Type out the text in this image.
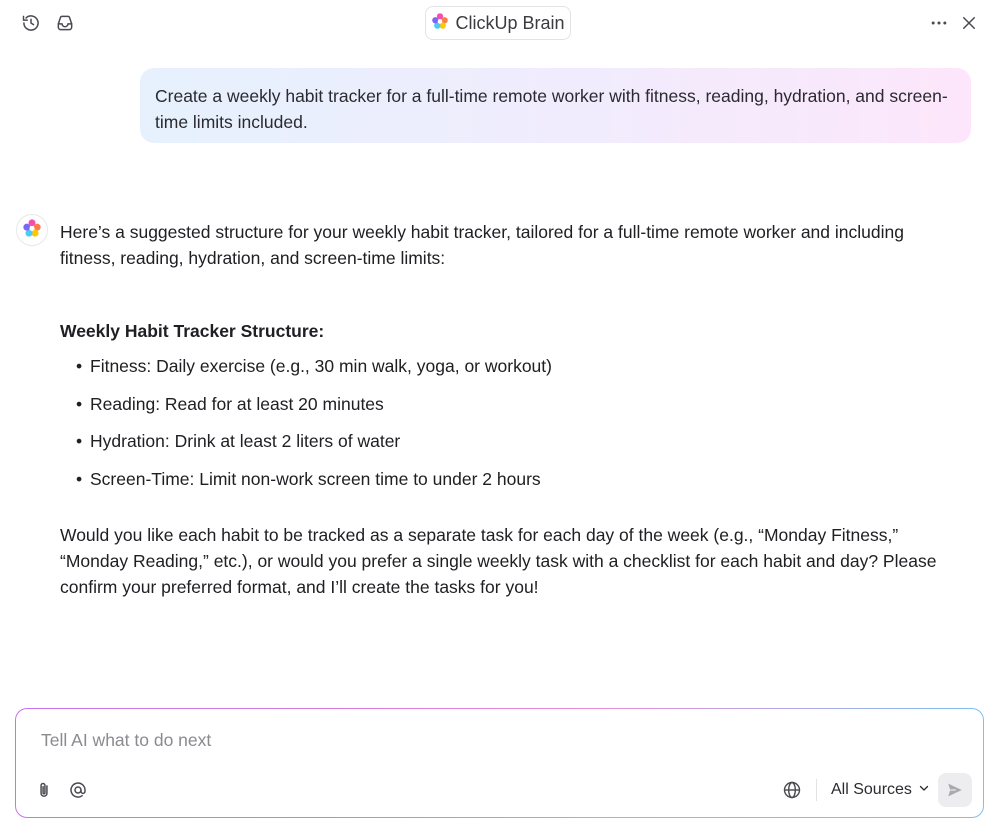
ClickUp Brain
Create a weekly habit tracker for a full-time remote worker with fitness, reading, hydration, and screen-time limits included.

Here’s a suggested structure for your weekly habit tracker, tailored for a full-time remote worker and including fitness, reading, hydration, and screen-time limits:

Weekly Habit Tracker Structure:
• Fitness: Daily exercise (e.g., 30 min walk, yoga, or workout)
• Reading: Read for at least 20 minutes
• Hydration: Drink at least 2 liters of water
• Screen-Time: Limit non-work screen time to under 2 hours

Would you like each habit to be tracked as a separate task for each day of the week (e.g., “Monday Fitness,” “Monday Reading,” etc.), or would you prefer a single weekly task with a checklist for each habit and day? Please confirm your preferred format, and I’ll create the tasks for you!

Tell AI what to do next
All Sources
